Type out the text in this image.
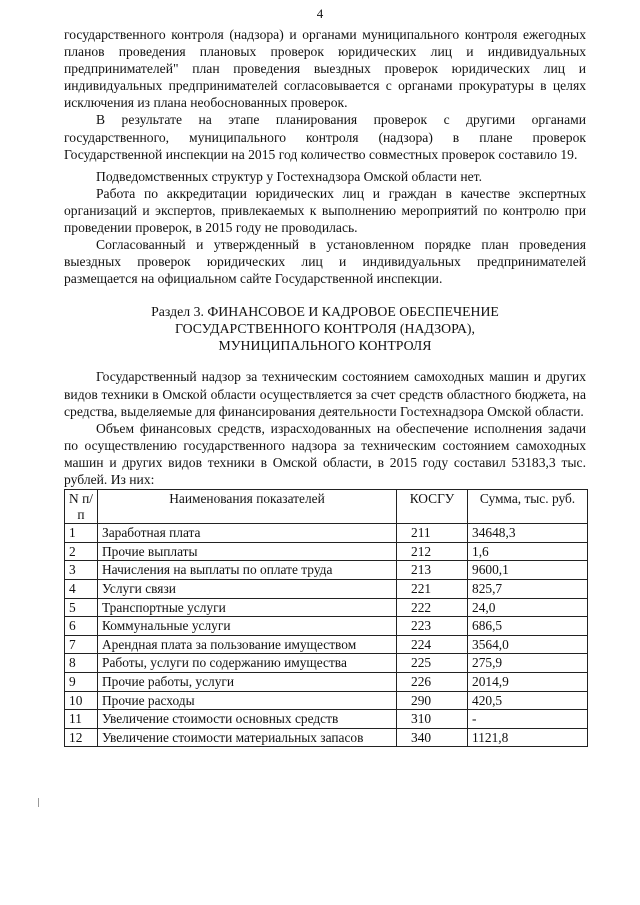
4

государственного контроля (надзора) и органами муниципального контроля ежегодных планов проведения плановых проверок юридических лиц и индивидуальных предпринимателей" план проведения выездных проверок юридических лиц и индивидуальных предпринимателей согласовывается с органами прокуратуры в целях исключения из плана необоснованных проверок.

В результате на этапе планирования проверок с другими органами государственного, муниципального контроля (надзора) в плане проверок Государственной инспекции на 2015 год количество совместных проверок составило 19.

Подведомственных структур у Гостехнадзора Омской области нет.

Работа по аккредитации юридических лиц и граждан в качестве экспертных организаций и экспертов, привлекаемых к выполнению мероприятий по контролю при проведении проверок, в 2015 году не проводилась.

Согласованный и утвержденный в установленном порядке план проведения выездных проверок юридических лиц и индивидуальных предпринимателей размещается на официальном сайте Государственной инспекции.

Раздел 3. ФИНАНСОВОЕ И КАДРОВОЕ ОБЕСПЕЧЕНИЕ
ГОСУДАРСТВЕННОГО КОНТРОЛЯ (НАДЗОРА),
МУНИЦИПАЛЬНОГО КОНТРОЛЯ

Государственный надзор за техническим состоянием самоходных машин и других видов техники в Омской области осуществляется за счет средств областного бюджета, на средства, выделяемые для финансирования деятельности Гостехнадзора Омской области.

Объем финансовых средств, израсходованных на обеспечение исполнения задачи по осуществлению государственного надзора за техническим состоянием самоходных машин и других видов техники в Омской области, в 2015 году составил 53183,3 тыс. рублей. Из них:

N п/п	Наименования показателей	КОСГУ	Сумма, тыс. руб.
1	Заработная плата	211	34648,3
2	Прочие выплаты	212	1,6
3	Начисления на выплаты по оплате труда	213	9600,1
4	Услуги связи	221	825,7
5	Транспортные услуги	222	24,0
6	Коммунальные услуги	223	686,5
7	Арендная плата за пользование имуществом	224	3564,0
8	Работы, услуги по содержанию имущества	225	275,9
9	Прочие работы, услуги	226	2014,9
10	Прочие расходы	290	420,5
11	Увеличение стоимости основных средств	310	-
12	Увеличение стоимости материальных запасов	340	1121,8
